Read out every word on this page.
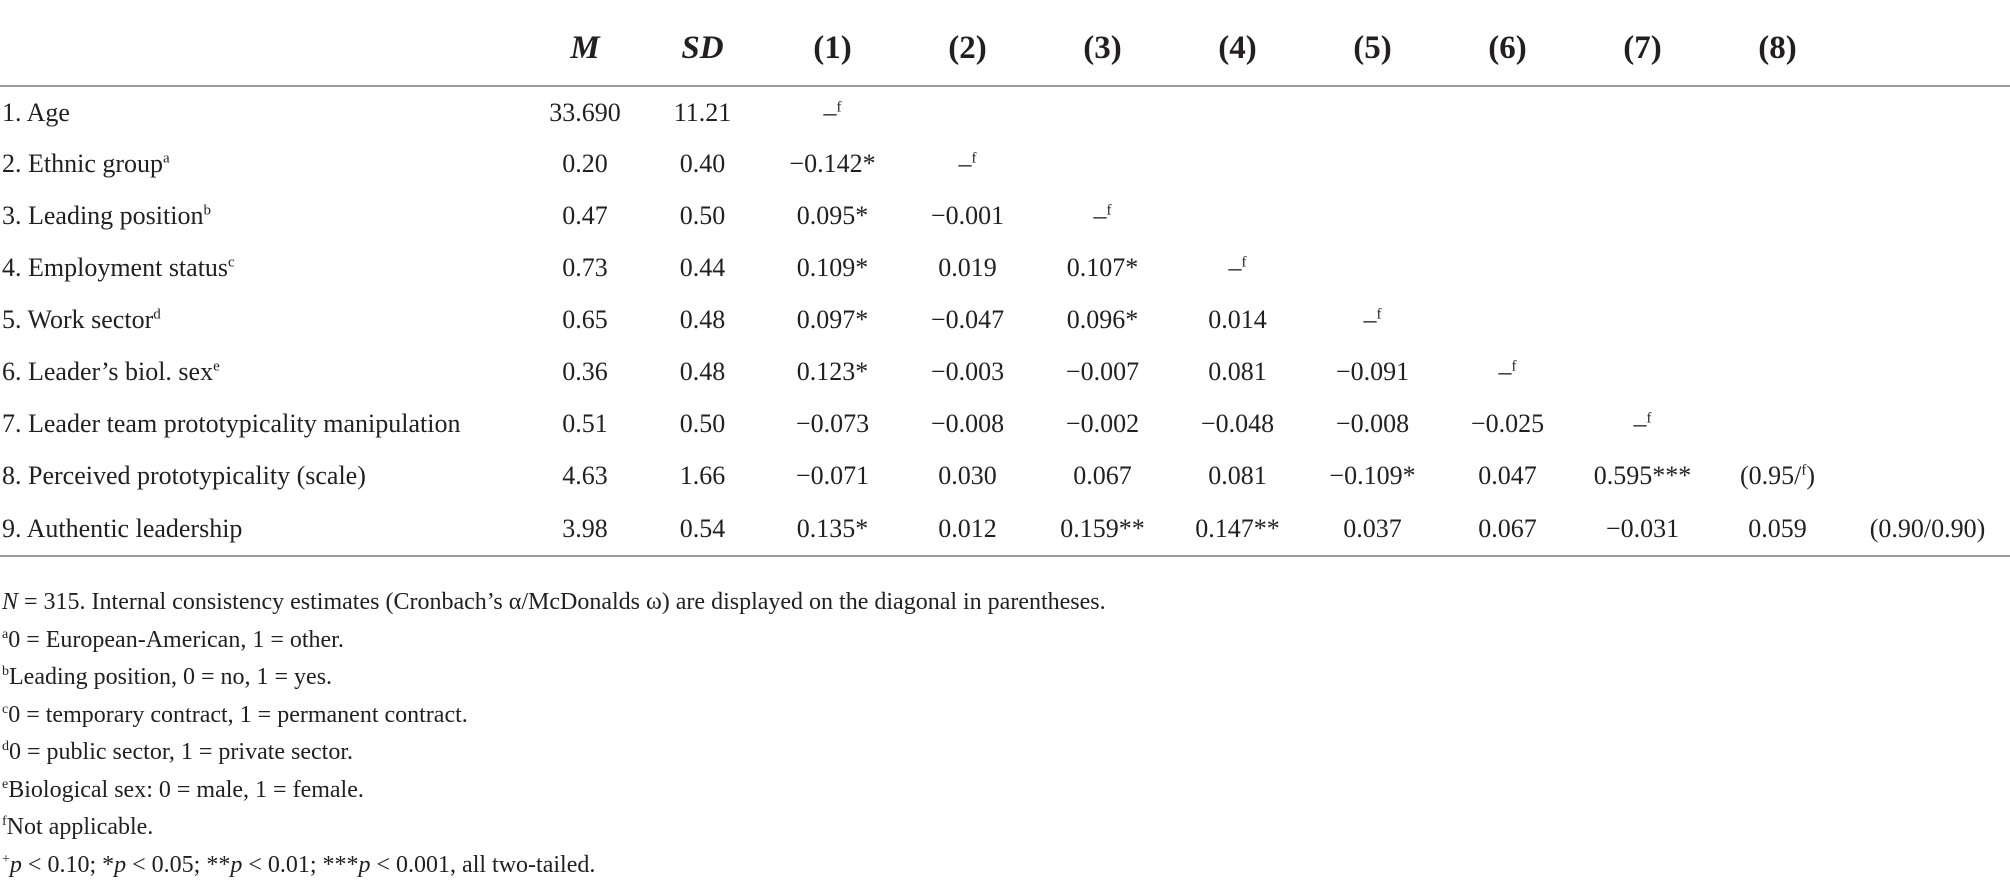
	M	SD	(1)	(2)	(3)	(4)	(5)	(6)	(7)	(8)	
1. Age	33.690	11.21	–$^f$								
2. Ethnic group$^a$	0.20	0.40	−0.142*	–$^f$							
3. Leading position$^b$	0.47	0.50	0.095*	−0.001	–$^f$						
4. Employment status$^c$	0.73	0.44	0.109*	0.019	0.107*	–$^f$					
5. Work sector$^d$	0.65	0.48	0.097*	−0.047	0.096*	0.014	–$^f$				
6. Leader’s biol. sex$^e$	0.36	0.48	0.123*	−0.003	−0.007	0.081	−0.091	–$^f$			
7. Leader team prototypicality manipulation	0.51	0.50	−0.073	−0.008	−0.002	−0.048	−0.008	−0.025	–$^f$		
8. Perceived prototypicality (scale)	4.63	1.66	−0.071	0.030	0.067	0.081	−0.109*	0.047	0.595***	(0.95/$^f$)	
9. Authentic leadership	3.98	0.54	0.135*	0.012	0.159**	0.147**	0.037	0.067	−0.031	0.059	(0.90/0.90)

N = 315. Internal consistency estimates (Cronbach’s α/McDonalds ω) are displayed on the diagonal in parentheses.

$^a$0 = European-American, 1 = other.

$^b$Leading position, 0 = no, 1 = yes.

$^c$0 = temporary contract, 1 = permanent contract.

$^d$0 = public sector, 1 = private sector.

$^e$Biological sex: 0 = male, 1 = female.

$^f$Not applicable.

+p < 0.10; *p < 0.05; **p < 0.01; ***p < 0.001, all two-tailed.
